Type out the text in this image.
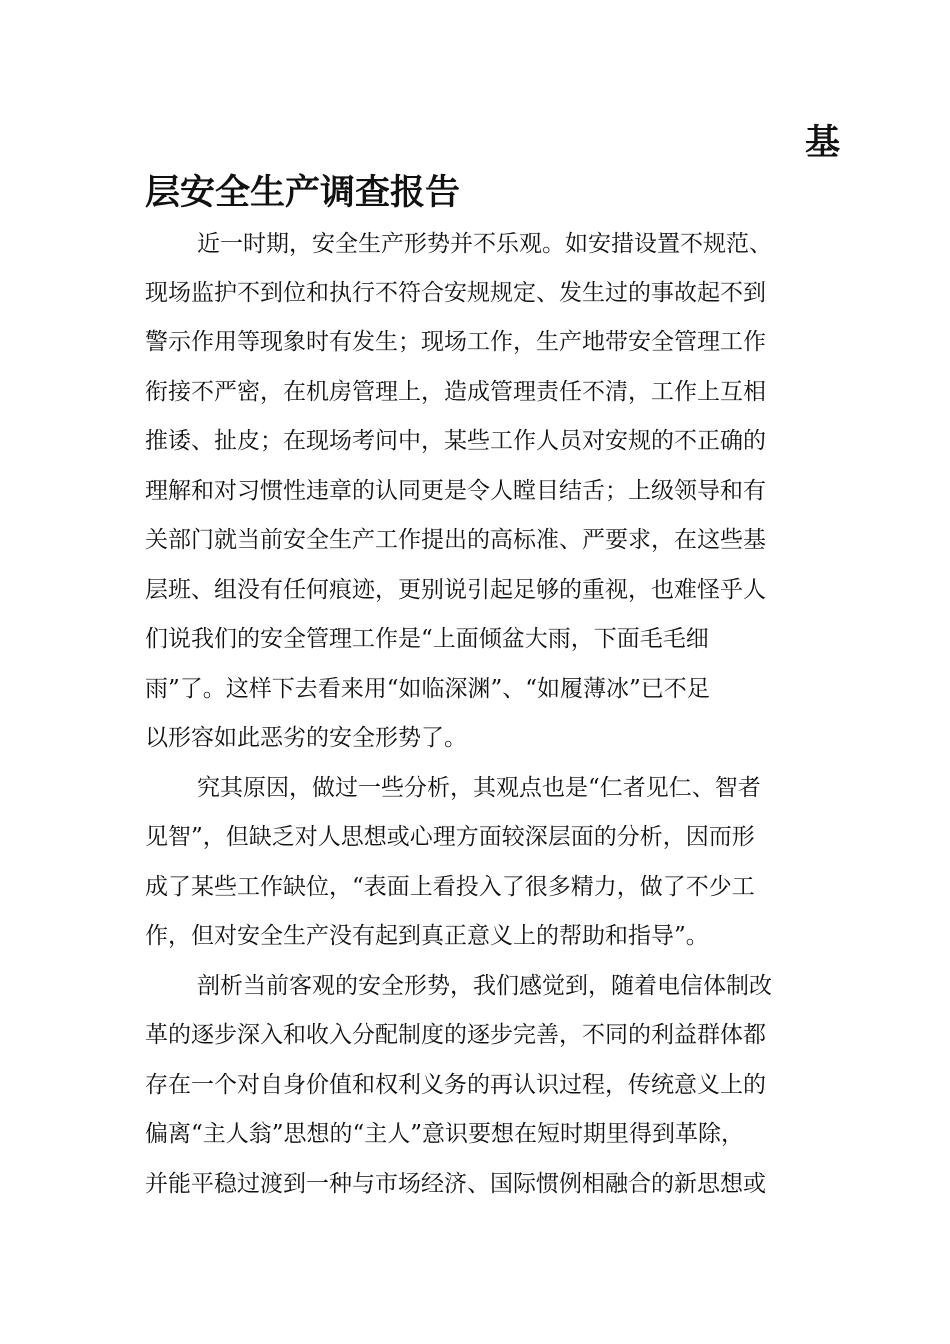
基
层安全生产调查报告
近一时期，安全生产形势并不乐观。如安措设置不规范、
现场监护不到位和执行不符合安规规定、发生过的事故起不到
警示作用等现象时有发生；现场工作，生产地带安全管理工作
衔接不严密，在机房管理上，造成管理责任不清，工作上互相
推诿、扯皮；在现场考问中，某些工作人员对安规的不正确的
理解和对习惯性违章的认同更是令人瞠目结舌；上级领导和有
关部门就当前安全生产工作提出的高标准、严要求，在这些基
层班、组没有任何痕迹，更别说引起足够的重视，也难怪乎人
们说我们的安全管理工作是“上面倾盆大雨，下面毛毛细
雨”了。这样下去看来用“如临深渊”、“如履薄冰”已不足
以形容如此恶劣的安全形势了。
究其原因，做过一些分析，其观点也是“仁者见仁、智者
见智”，但缺乏对人思想或心理方面较深层面的分析，因而形
成了某些工作缺位，“表面上看投入了很多精力，做了不少工
作，但对安全生产没有起到真正意义上的帮助和指导”。
剖析当前客观的安全形势，我们感觉到，随着电信体制改
革的逐步深入和收入分配制度的逐步完善，不同的利益群体都
存在一个对自身价值和权利义务的再认识过程，传统意义上的
偏离“主人翁”思想的“主人”意识要想在短时期里得到革除，
并能平稳过渡到一种与市场经济、国际惯例相融合的新思想或
